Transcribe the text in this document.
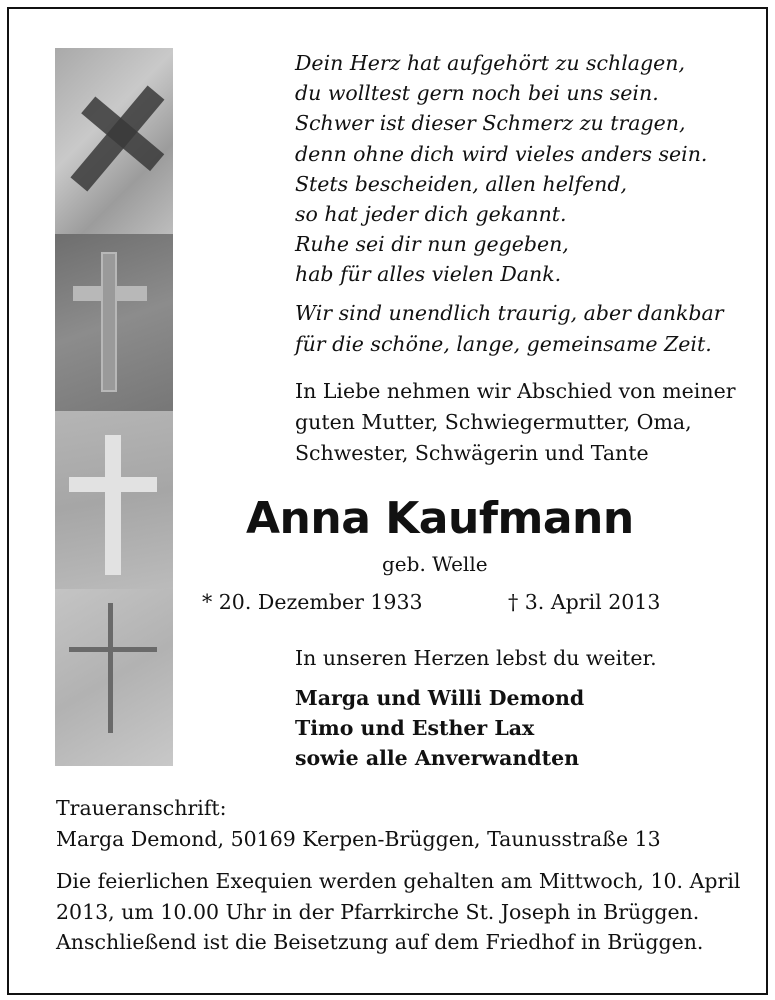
Dein Herz hat aufgehört zu schlagen,
du wolltest gern noch bei uns sein.
Schwer ist dieser Schmerz zu tragen,
denn ohne dich wird vieles anders sein.
Stets bescheiden, allen helfend,
so hat jeder dich gekannt.
Ruhe sei dir nun gegeben,
hab für alles vielen Dank.
Wir sind unendlich traurig, aber dankbar
für die schöne, lange, gemeinsame Zeit.
In Liebe nehmen wir Abschied von meiner
guten Mutter, Schwiegermutter, Oma,
Schwester, Schwägerin und Tante
Anna Kaufmann
geb. Welle
* 20. Dezember 1933	† 3. April 2013
In unseren Herzen lebst du weiter.
Marga und Willi Demond
Timo und Esther Lax
sowie alle Anverwandten
Traueranschrift:
Marga Demond, 50169 Kerpen-Brüggen, Taunusstraße 13
Die feierlichen Exequien werden gehalten am Mittwoch, 10. April
2013, um 10.00 Uhr in der Pfarrkirche St. Joseph in Brüggen.
Anschließend ist die Beisetzung auf dem Friedhof in Brüggen.
